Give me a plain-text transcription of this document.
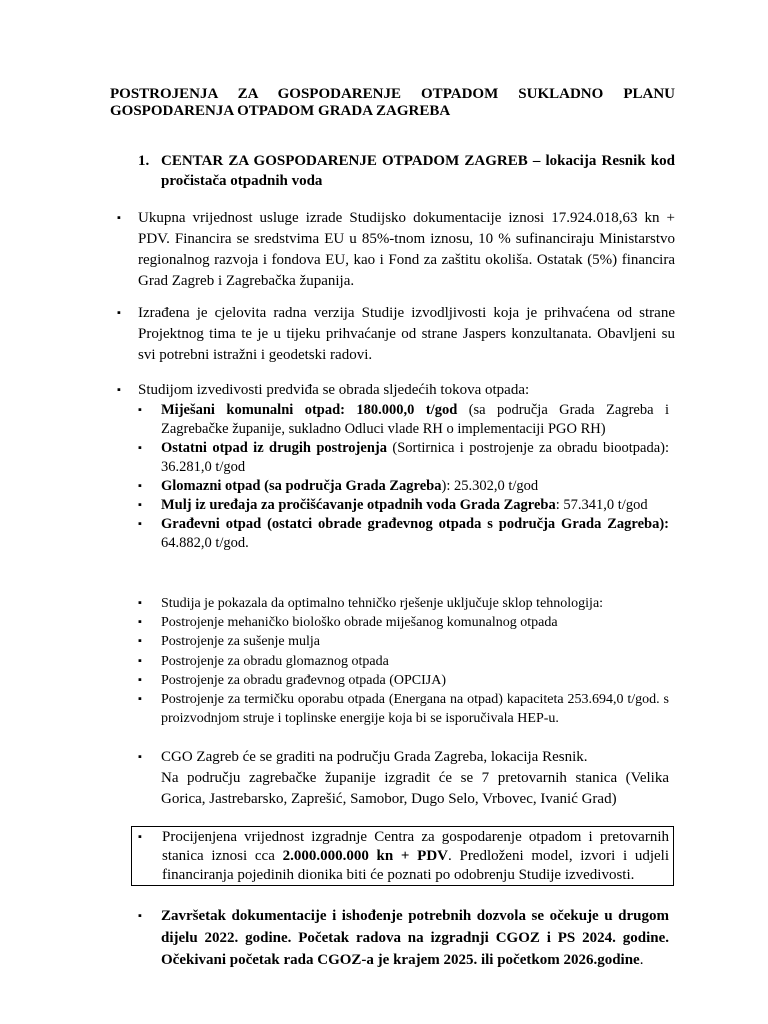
POSTROJENJA ZA GOSPODARENJE OTPADOM SUKLADNO PLANU GOSPODARENJA OTPADOM GRADA ZAGREBA
1. CENTAR ZA GOSPODARENJE OTPADOM ZAGREB – lokacija Resnik kod pročistača otpadnih voda
▪	Ukupna vrijednost usluge izrade Studijsko dokumentacije iznosi 17.924.018,63 kn + PDV. Financira se sredstvima EU u 85%-tnom iznosu, 10 % sufinanciraju Ministarstvo regionalnog razvoja i fondova EU, kao i Fond za zaštitu okoliša. Ostatak (5%) financira Grad Zagreb i Zagrebačka županija.
▪	Izrađena je cjelovita radna verzija Studije izvodljivosti koja je prihvaćena od strane Projektnog tima te je u tijeku prihvaćanje od strane Jaspers konzultanata. Obavljeni su svi potrebni istražni i geodetski radovi.
▪	Studijom izvedivosti predviđa se obrada sljedećih tokova otpada:
▪ Miješani komunalni otpad: 180.000,0 t/god (sa područja Grada Zagreba i Zagrebačke županije, sukladno Odluci vlade RH o implementaciji PGO RH)
▪ Ostatni otpad iz drugih postrojenja (Sortirnica i postrojenje za obradu biootpada): 36.281,0 t/god
▪ Glomazni otpad (sa područja Grada Zagreba): 25.302,0 t/god
▪ Mulj iz uređaja za pročišćavanje otpadnih voda Grada Zagreba: 57.341,0 t/god
▪ Građevni otpad (ostatci obrade građevnog otpada s područja Grada Zagreba): 64.882,0 t/god.
▪ Studija je pokazala da optimalno tehničko rješenje uključuje sklop tehnologija:
▪ Postrojenje mehaničko biološko obrade miješanog komunalnog otpada
▪ Postrojenje za sušenje mulja
▪ Postrojenje za obradu glomaznog otpada
▪ Postrojenje za obradu građevnog otpada (OPCIJA)
▪ Postrojenje za termičku oporabu otpada (Energana na otpad) kapaciteta 253.694,0 t/god. s proizvodnjom struje i toplinske energije koja bi se isporučivala HEP-u.
▪ CGO Zagreb će se graditi na području Grada Zagreba, lokacija Resnik.
Na području zagrebačke županije izgradit će se 7 pretovarnih stanica (Velika Gorica, Jastrebarsko, Zaprešić, Samobor, Dugo Selo, Vrbovec, Ivanić Grad)
▪	Procijenjena vrijednost izgradnje Centra za gospodarenje otpadom i pretovarnih stanica iznosi cca 2.000.000.000 kn + PDV. Predloženi model, izvori i udjeli financiranja pojedinih dionika biti će poznati po odobrenju Studije izvedivosti.
▪	Završetak dokumentacije i ishođenje potrebnih dozvola se očekuje u drugom dijelu 2022. godine. Početak radova na izgradnji CGOZ i PS 2024. godine. Očekivani početak rada CGOZ-a je krajem 2025. ili početkom 2026.godine.
